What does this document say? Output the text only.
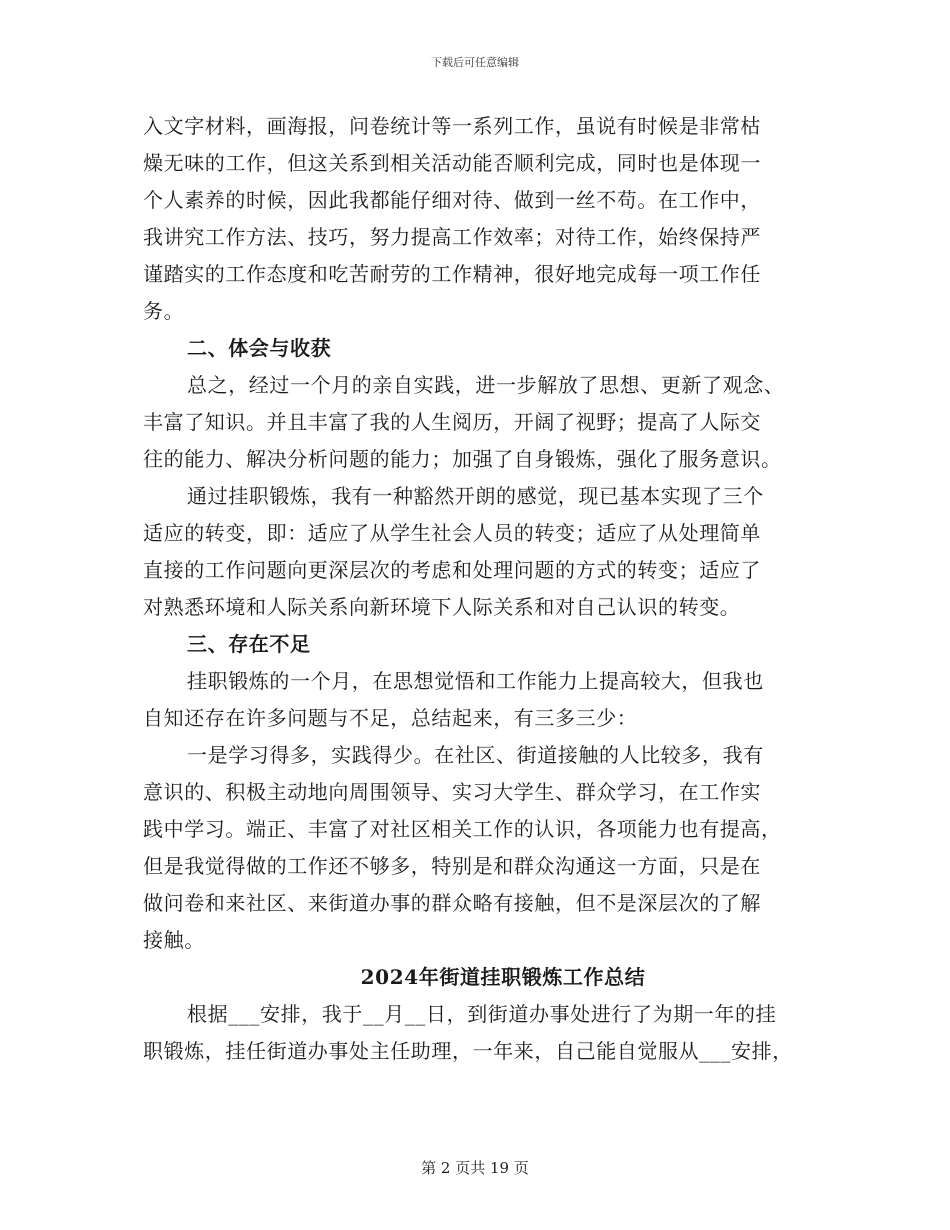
下载后可任意编辑
入文字材料，画海报，问卷统计等一系列工作，虽说有时候是非常枯
燥无味的工作，但这关系到相关活动能否顺利完成，同时也是体现一
个人素养的时候，因此我都能仔细对待、做到一丝不苟。在工作中，
我讲究工作方法、技巧，努力提高工作效率；对待工作，始终保持严
谨踏实的工作态度和吃苦耐劳的工作精神，很好地完成每一项工作任
务。
二、体会与收获
总之，经过一个月的亲自实践，进一步解放了思想、更新了观念、
丰富了知识。并且丰富了我的人生阅历，开阔了视野；提高了人际交
往的能力、解决分析问题的能力；加强了自身锻炼，强化了服务意识。
通过挂职锻炼，我有一种豁然开朗的感觉，现已基本实现了三个
适应的转变，即：适应了从学生社会人员的转变；适应了从处理简单
直接的工作问题向更深层次的考虑和处理问题的方式的转变；适应了
对熟悉环境和人际关系向新环境下人际关系和对自己认识的转变。
三、存在不足
挂职锻炼的一个月，在思想觉悟和工作能力上提高较大，但我也
自知还存在许多问题与不足，总结起来，有三多三少：
一是学习得多，实践得少。在社区、街道接触的人比较多，我有
意识的、积极主动地向周围领导、实习大学生、群众学习，在工作实
践中学习。端正、丰富了对社区相关工作的认识，各项能力也有提高，
但是我觉得做的工作还不够多，特别是和群众沟通这一方面，只是在
做问卷和来社区、来街道办事的群众略有接触，但不是深层次的了解
接触。
2024年街道挂职锻炼工作总结
根据___安排，我于__月__日，到街道办事处进行了为期一年的挂
职锻炼，挂任街道办事处主任助理，一年来，自己能自觉服从___安排，
第 2 页共 19 页
